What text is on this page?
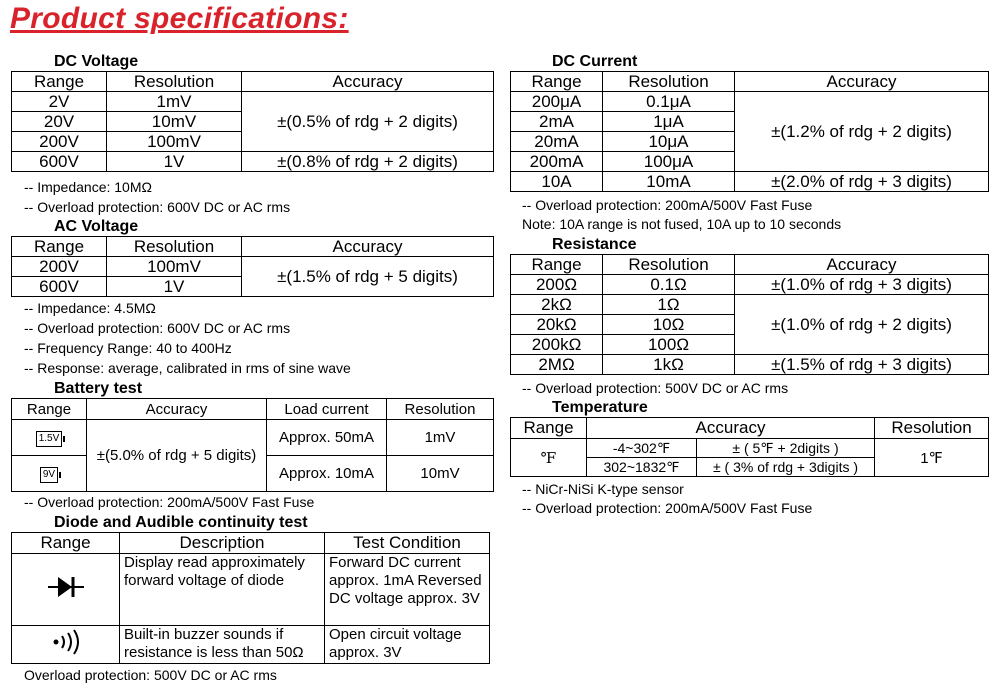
Product specifications:
DC Voltage
Range	Resolution	Accuracy
2V	1mV	±(0.5% of rdg + 2 digits)
20V	10mV	
200V	100mV	
600V	1V	±(0.8% of rdg + 2 digits)
-- Impedance: 10MΩ
-- Overload protection: 600V DC or AC rms
AC Voltage
Range	Resolution	Accuracy
200V	100mV	±(1.5% of rdg + 5 digits)
600V	1V	
-- Impedance: 4.5MΩ
-- Overload protection: 600V DC or AC rms
-- Frequency Range: 40 to 400Hz
-- Response: average, calibrated in rms of sine wave
Battery test
Range	Accuracy	Load current	Resolution
1.5V	±(5.0% of rdg + 5 digits)	Approx. 50mA	1mV
9V		Approx. 10mA	10mV
-- Overload protection: 200mA/500V Fast Fuse
Diode and Audible continuity test
Range	Description	Test Condition
	Display read approximately forward voltage of diode	Forward DC current approx. 1mA Reversed DC voltage approx. 3V
	Built-in buzzer sounds if resistance is less than 50Ω	Open circuit voltage approx. 3V
Overload protection: 500V DC or AC rms
DC Current
Range	Resolution	Accuracy
200μA	0.1μA	±(1.2% of rdg + 2 digits)
2mA	1μA	
20mA	10μA	
200mA	100μA	
10A	10mA	±(2.0% of rdg + 3 digits)
-- Overload protection: 200mA/500V Fast Fuse
Note: 10A range is not fused, 10A up to 10 seconds
Resistance
Range	Resolution	Accuracy
200Ω	0.1Ω	±(1.0% of rdg + 3 digits)
2kΩ	1Ω	±(1.0% of rdg + 2 digits)
20kΩ	10Ω	
200kΩ	100Ω	
2MΩ	1kΩ	±(1.5% of rdg + 3 digits)
-- Overload protection: 500V DC or AC rms
Temperature
Range	Accuracy		Resolution
℉	-4~302℉	± ( 5℉ + 2digits )	1℉
	302~1832℉	± ( 3% of rdg + 3digits )	
-- NiCr-NiSi K-type sensor
-- Overload protection: 200mA/500V Fast Fuse
